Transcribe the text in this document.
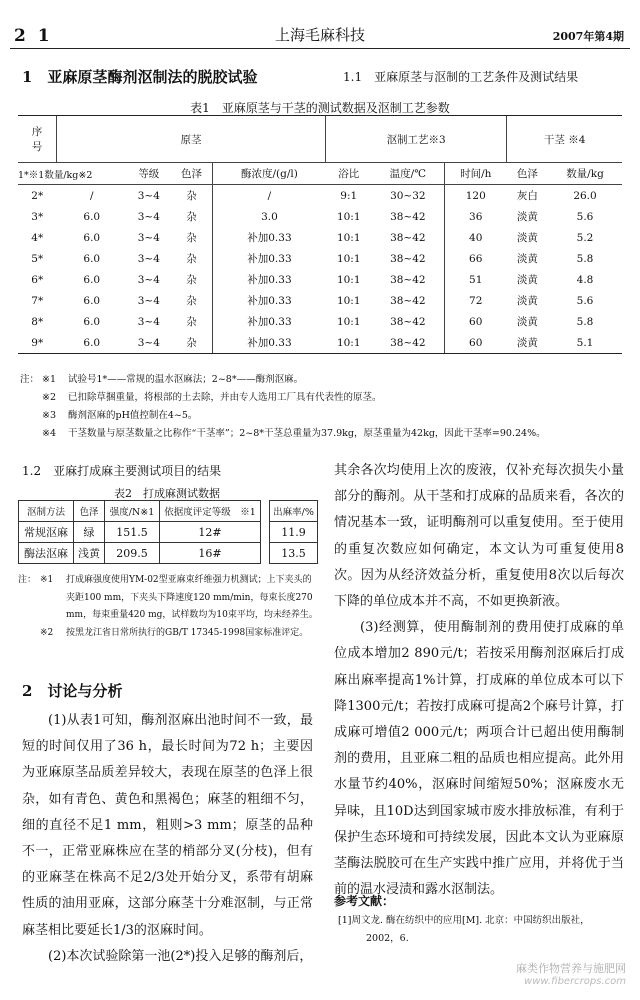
2 1	上海毛麻科技	2007年第4期
1　亚麻原茎酶剂沤制法的脱胶试验	1.1　亚麻原茎与沤制的工艺条件及测试结果
表1　亚麻原茎与干茎的测试数据及沤制工艺参数
序
号	原茎				沤制工艺※3			干茎 ※4	
1*※1数量/kg※2		等级	色泽	酶浓度/(g/l)	浴比	温度/℃	时间/h	色泽	数量/kg
2*	/	3~4	杂	/	9:1	30~32	120	灰白	26.0
3*	6.0	3~4	杂	3.0	10:1	38~42	36	淡黄	5.6
4*	6.0	3~4	杂	补加0.33	10:1	38~42	40	淡黄	5.2
5*	6.0	3~4	杂	补加0.33	10:1	38~42	66	淡黄	5.8
6*	6.0	3~4	杂	补加0.33	10:1	38~42	51	淡黄	4.8
7*	6.0	3~4	杂	补加0.33	10:1	38~42	72	淡黄	5.6
8*	6.0	3~4	杂	补加0.33	10:1	38~42	60	淡黄	5.8
9*	6.0	3~4	杂	补加0.33	10:1	38~42	60	淡黄	5.1
注： ※1 试验号1*——常规的温水沤麻法；2~8*——酶剂沤麻。
※2 已扣除草捆重量，将根部的土去除，并由专人选用工厂具有代表性的原茎。
※3 酶剂沤麻的pH值控制在4~5。
※4 干茎数量与原茎数量之比称作“干茎率”；2~8*干茎总重量为37.9kg，原茎重量为42kg，因此干茎率=90.24%。
1.2　亚麻打成麻主要测试项目的结果
表2　打成麻测试数据
沤制方法	色泽	强度/N※1	依据度评定等级　※1		出麻率/%
常规沤麻	绿	151.5	12#		11.9
酶法沤麻	浅黄	209.5	16#		13.5
注： ※1 打成麻强度使用YM-02型亚麻束纤维强力机测试；上下夹头的夹距100 mm，下夹头下降速度120 mm/min，每束长度270 mm，每束重量420 mg，试样数均为10束平均，均未经养生。
※2 按黑龙江省日常所执行的GB/T 17345-1998国家标准评定。
2　讨论与分析

(1)从表1可知，酶剂沤麻出池时间不一致，最短的时间仅用了36 h，最长时间为72 h；主要因为亚麻原茎品质差异较大，表现在原茎的色泽上很杂，如有青色、黄色和黑褐色；麻茎的粗细不匀，细的直径不足1 mm，粗则>3 mm；原茎的品种不一，正常亚麻株应在茎的梢部分叉(分枝)，但有的亚麻茎在株高不足2/3处开始分叉，系带有胡麻性质的油用亚麻，这部分麻茎十分难沤制，与正常麻茎相比要延长1/3的沤麻时间。

(2)本次试验除第一池(2*)投入足够的酶剂后，

其余各次均使用上次的废液，仅补充每次损失小量部分的酶剂。从干茎和打成麻的品质来看，各次的情况基本一致，证明酶剂可以重复使用。至于使用的重复次数应如何确定，本文认为可重复使用8次。因为从经济效益分析，重复使用8次以后每次下降的单位成本并不高，不如更换新液。

(3)经测算，使用酶制剂的费用使打成麻的单位成本增加2 890元/t；若按采用酶剂沤麻后打成麻出麻率提高1%计算，打成麻的单位成本可以下降1300元/t；若按打成麻可提高2个麻号计算，打成麻可增值2 000元/t；两项合计已超出使用酶制剂的费用，且亚麻二粗的品质也相应提高。此外用水量节约40%，沤麻时间缩短50%；沤麻废水无异味，且10D达到国家城市废水排放标准，有利于保护生态环境和可持续发展，因此本文认为亚麻原茎酶法脱胶可在生产实践中推广应用，并将优于当前的温水浸渍和露水沤制法。

参考文献：
[1]周文龙. 酶在纺织中的应用[M]. 北京：中国纺织出版社，
2002，6.
麻类作物营养与施肥网
www.fibercrops.com
